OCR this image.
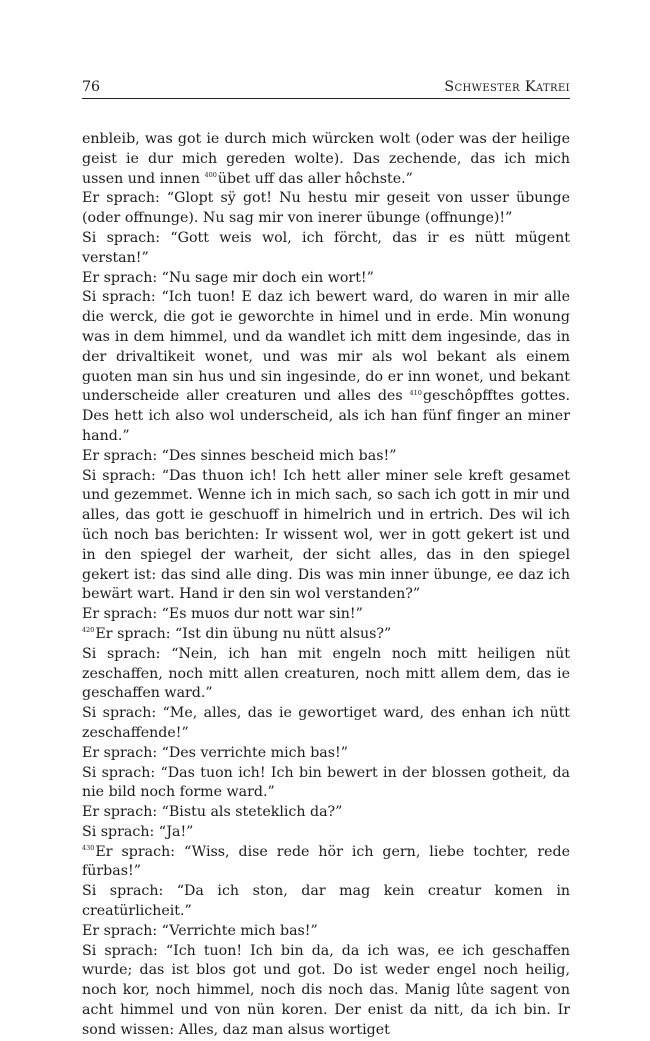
76	Schwester Katrei

enbleib, was got ie durch mich würcken wolt (oder was der heilige geist ie dur mich gereden wolte). Das zechende, das ich mich ussen und innen $^{400}$übet uff das aller hôchste.”

Er sprach: “Glopt sÿ got! Nu hestu mir geseit von usser übunge (oder offnunge). Nu sag mir von inerer übunge (offnunge)!”

Si sprach: “Gott weis wol, ich förcht, das ir es nütt mügent verstan!”

Er sprach: “Nu sage mir doch ein wort!”

Si sprach: “Ich tuon! E daz ich bewert ward, do waren in mir alle die werck, die got ie geworchte in himel und in erde. Min wonung was in dem himmel, und da wandlet ich mitt dem ingesinde, das in der drivaltikeit wonet, und was mir als wol bekant als einem guoten man sin hus und sin ingesinde, do er inn wonet, und bekant underscheide aller creaturen und alles des $^{410}$geschôpfftes gottes. Des hett ich also wol underscheid, als ich han fünf finger an miner hand.”

Er sprach: “Des sinnes bescheid mich bas!”

Si sprach: “Das thuon ich! Ich hett aller miner sele kreft gesamet und gezemmet. Wenne ich in mich sach, so sach ich gott in mir und alles, das gott ie geschuoff in himelrich und in ertrich. Des wil ich üch noch bas berichten: Ir wissent wol, wer in gott gekert ist und in den spiegel der warheit, der sicht alles, das in den spiegel gekert ist: das sind alle ding. Dis was min inner übunge, ee daz ich bewärt wart. Hand ir den sin wol verstanden?”

Er sprach: “Es muos dur nott war sin!”

$^{420}$Er sprach: “Ist din übung nu nütt alsus?”

Si sprach: “Nein, ich han mit engeln noch mitt heiligen nüt zeschaffen, noch mitt allen creaturen, noch mitt allem dem, das ie geschaffen ward.”

Si sprach: “Me, alles, das ie gewortiget ward, des enhan ich nütt zeschaffende!”

Er sprach: “Des verrichte mich bas!”

Si sprach: “Das tuon ich! Ich bin bewert in der blossen gotheit, da nie bild noch forme ward.”

Er sprach: “Bistu als steteklich da?”

Si sprach: “Ja!”

$^{430}$Er sprach: “Wiss, dise rede hör ich gern, liebe tochter, rede fürbas!”

Si sprach: “Da ich ston, dar mag kein creatur komen in creatürlicheit.”

Er sprach: “Verrichte mich bas!”

Si sprach: “Ich tuon! Ich bin da, da ich was, ee ich geschaffen wurde; das ist blos got und got. Do ist weder engel noch heilig, noch kor, noch himmel, noch dis noch das. Manig lûte sagent von acht himmel und von nün koren. Der enist da nitt, da ich bin. Ir sond wissen: Alles, daz man alsus wortiget
